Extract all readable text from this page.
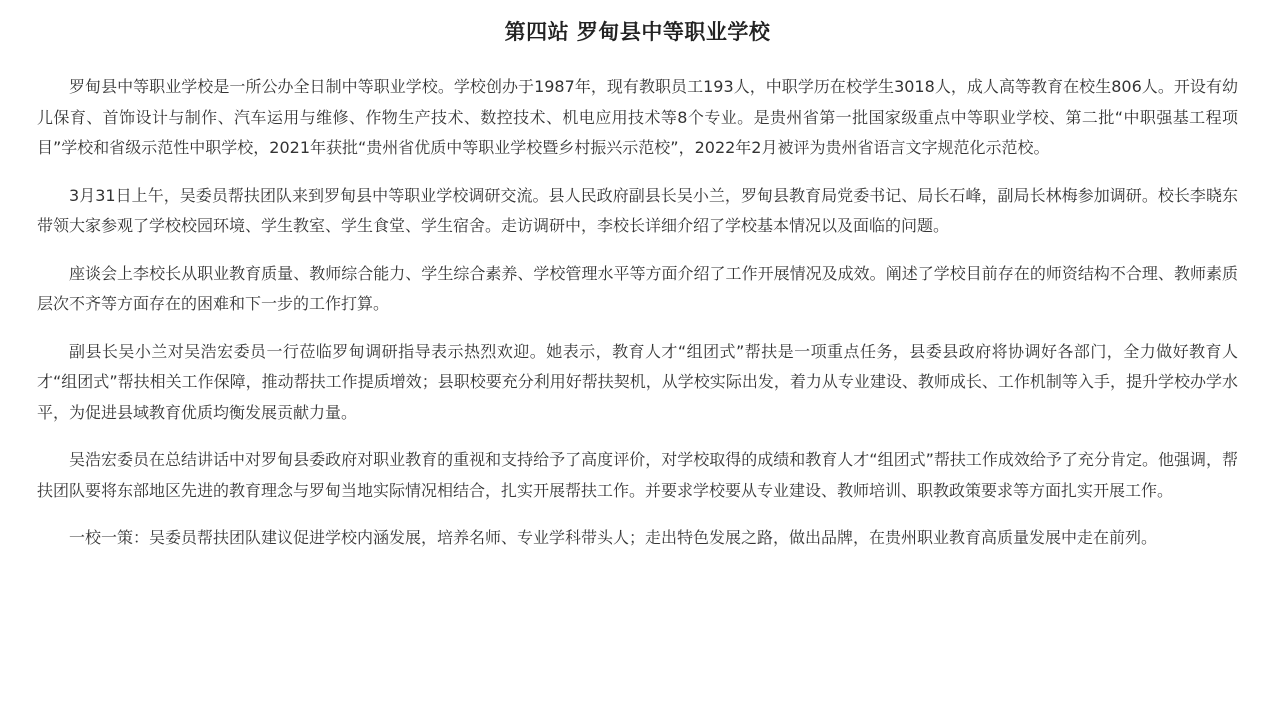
第四站 罗甸县中等职业学校

罗甸县中等职业学校是一所公办全日制中等职业学校。学校创办于1987年，现有教职员工193人，中职学历在校学生3018人，成人高等教育在校生806人。开设有幼儿保育、首饰设计与制作、汽车运用与维修、作物生产技术、数控技术、机电应用技术等8个专业。是贵州省第一批国家级重点中等职业学校、第二批“中职强基工程项目”学校和省级示范性中职学校，2021年获批“贵州省优质中等职业学校暨乡村振兴示范校”，2022年2月被评为贵州省语言文字规范化示范校。

3月31日上午，吴委员帮扶团队来到罗甸县中等职业学校调研交流。县人民政府副县长吴小兰，罗甸县教育局党委书记、局长石峰，副局长林梅参加调研。校长李晓东带领大家参观了学校校园环境、学生教室、学生食堂、学生宿舍。走访调研中，李校长详细介绍了学校基本情况以及面临的问题。

座谈会上李校长从职业教育质量、教师综合能力、学生综合素养、学校管理水平等方面介绍了工作开展情况及成效。阐述了学校目前存在的师资结构不合理、教师素质层次不齐等方面存在的困难和下一步的工作打算。

副县长吴小兰对吴浩宏委员一行莅临罗甸调研指导表示热烈欢迎。她表示，教育人才“组团式”帮扶是一项重点任务，县委县政府将协调好各部门，全力做好教育人才“组团式”帮扶相关工作保障，推动帮扶工作提质增效；县职校要充分利用好帮扶契机，从学校实际出发，着力从专业建设、教师成长、工作机制等入手，提升学校办学水平，为促进县域教育优质均衡发展贡献力量。

吴浩宏委员在总结讲话中对罗甸县委政府对职业教育的重视和支持给予了高度评价，对学校取得的成绩和教育人才“组团式”帮扶工作成效给予了充分肯定。他强调，帮扶团队要将东部地区先进的教育理念与罗甸当地实际情况相结合，扎实开展帮扶工作。并要求学校要从专业建设、教师培训、职教政策要求等方面扎实开展工作。

一校一策：吴委员帮扶团队建议促进学校内涵发展，培养名师、专业学科带头人；走出特色发展之路，做出品牌，在贵州职业教育高质量发展中走在前列。
